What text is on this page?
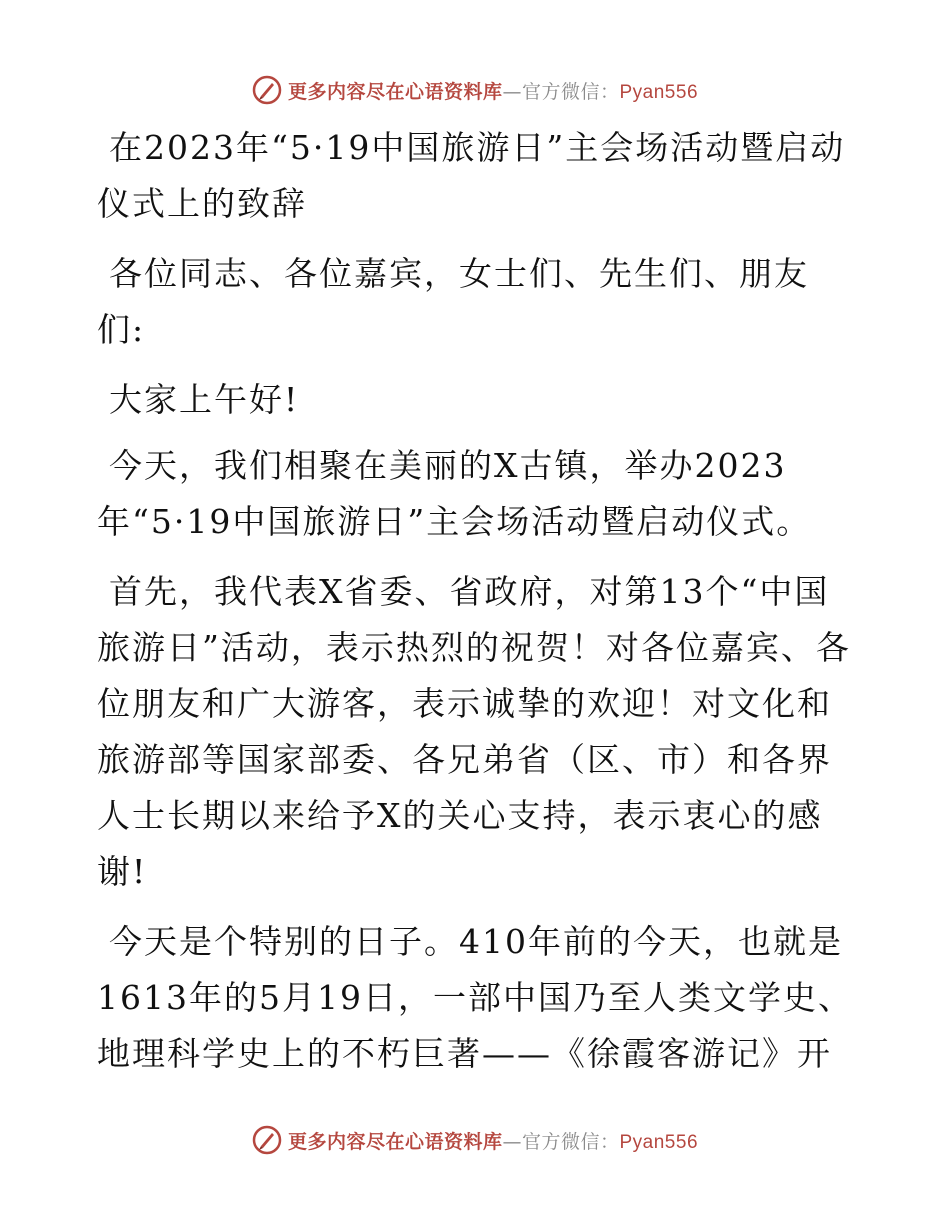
更多内容尽在心语资料库—官方微信：Pyan556

在2023年“5·19中国旅游日”主会场活动暨启动仪式上的致辞

各位同志、各位嘉宾，女士们、先生们、朋友们:

大家上午好!

今天，我们相聚在美丽的X古镇，举办2023年“5·19中国旅游日”主会场活动暨启动仪式。

首先，我代表X省委、省政府，对第13个“中国旅游日”活动，表示热烈的祝贺！对各位嘉宾、各位朋友和广大游客，表示诚挚的欢迎！对文化和旅游部等国家部委、各兄弟省（区、市）和各界人士长期以来给予X的关心支持，表示衷心的感谢!

今天是个特别的日子。410年前的今天，也就是1613年的5月19日，一部中国乃至人类文学史、地理科学史上的不朽巨著——《徐霞客游记》开

更多内容尽在心语资料库—官方微信：Pyan556
